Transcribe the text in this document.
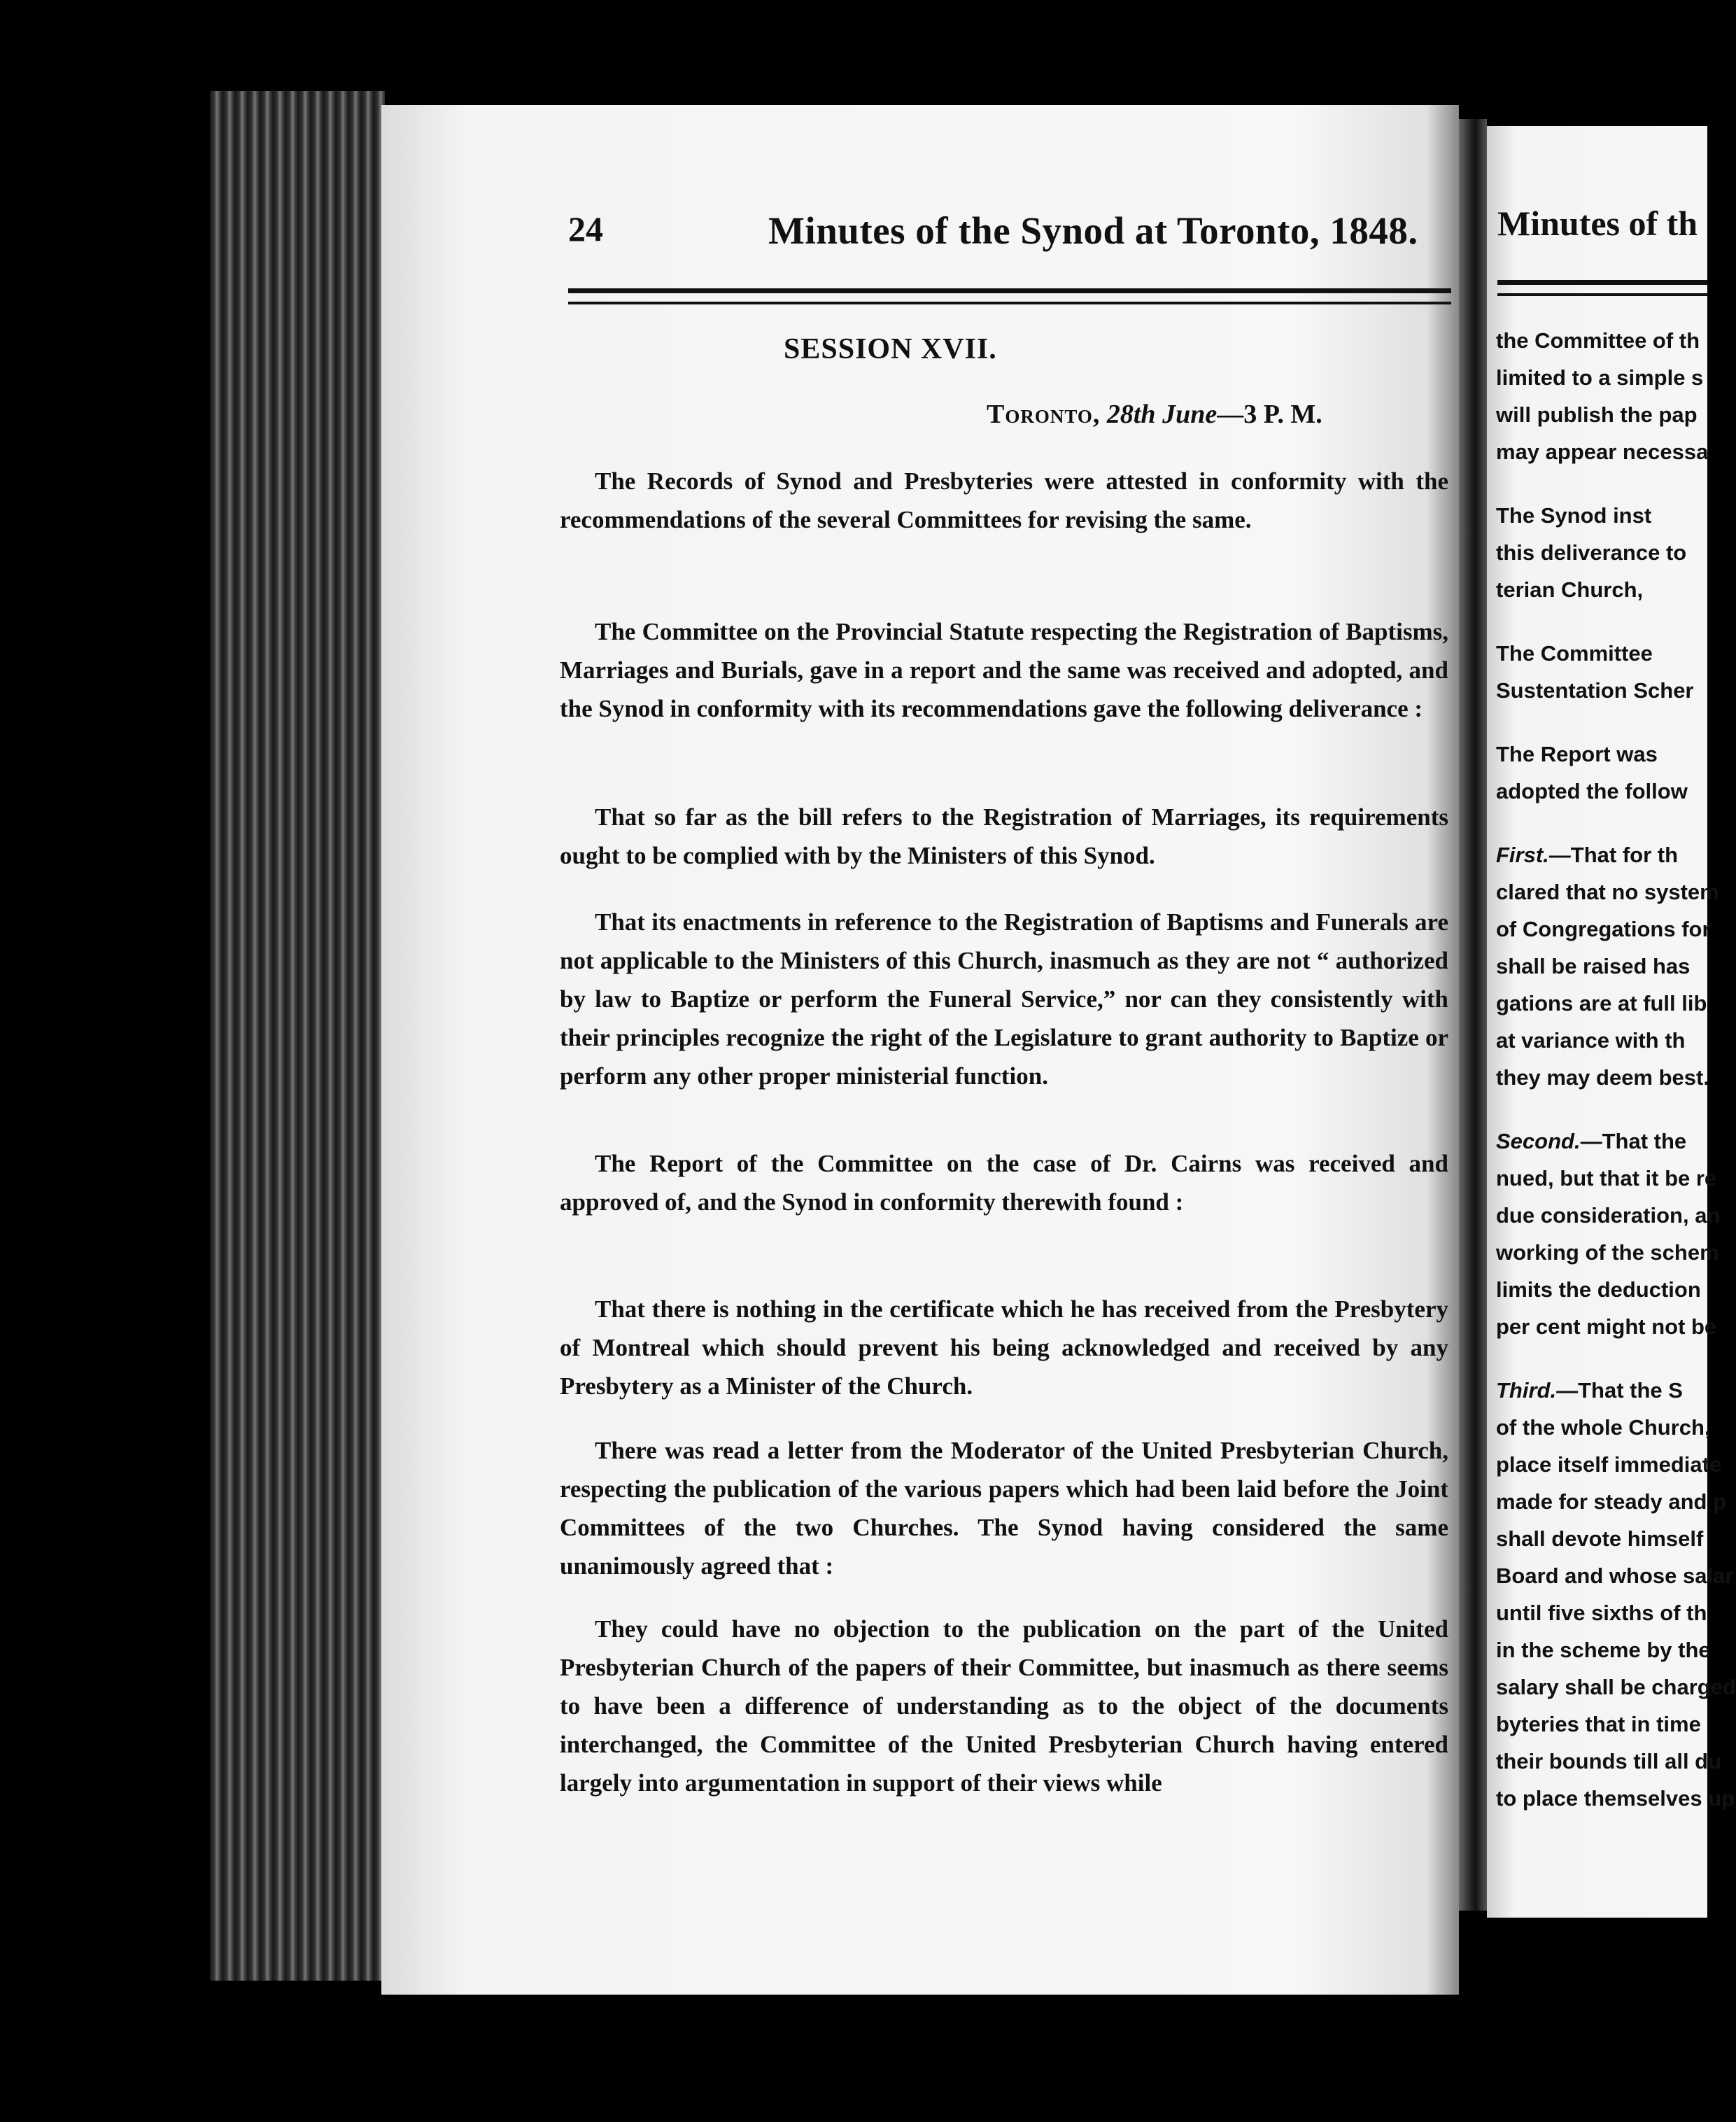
24	Minutes of the Synod at Toronto, 1848.
SESSION XVII.
Toronto, 28th June—3 P. M.

The Records of Synod and Presbyteries were attested in conformity with the recommendations of the several Committees for revising the same.

The Committee on the Provincial Statute respecting the Registration of Baptisms, Marriages and Burials, gave in a report and the same was received and adopted, and the Synod in conformity with its recommendations gave the following deliverance :

That so far as the bill refers to the Registration of Marriages, its requirements ought to be complied with by the Ministers of this Synod.

That its enactments in reference to the Registration of Baptisms and Funerals are not applicable to the Ministers of this Church, inasmuch as they are not “ authorized by law to Baptize or perform the Funeral Service,” nor can they consistently with their principles recognize the right of the Legislature to grant authority to Baptize or perform any other proper ministerial function.

The Report of the Committee on the case of Dr. Cairns was received and approved of, and the Synod in conformity therewith found :

That there is nothing in the certificate which he has received from the Presbytery of Montreal which should prevent his being acknowledged and received by any Presbytery as a Minister of the Church.

There was read a letter from the Moderator of the United Presbyterian Church, respecting the publication of the various papers which had been laid before the Joint Committees of the two Churches. The Synod having considered the same unanimously agreed that :

They could have no objection to the publication on the part of the United Presbyterian Church of the papers of their Committee, but inasmuch as there seems to have been a difference of understanding as to the object of the documents interchanged, the Committee of the United Presbyterian Church having entered largely into argumentation in support of their views while

Minutes of th
the Committee of th
limited to a simple s
will publish the pap
may appear necessa
The Synod inst
this deliverance to
terian Church,
The Committee
Sustentation Scher
The Report was
adopted the follow
First.—That for th
clared that no system
of Congregations for
shall be raised has
gations are at full lib
at variance with th
they may deem best.
Second.—That the
nued, but that it be re
due consideration, an
working of the schem
limits the deduction
per cent might not be
Third.—That the S
of the whole Church,
place itself immediate
made for steady and p
shall devote himself
Board and whose salar
until five sixths of th
in the scheme by the
salary shall be charged
byteries that in time
their bounds till all du
to place themselves up
